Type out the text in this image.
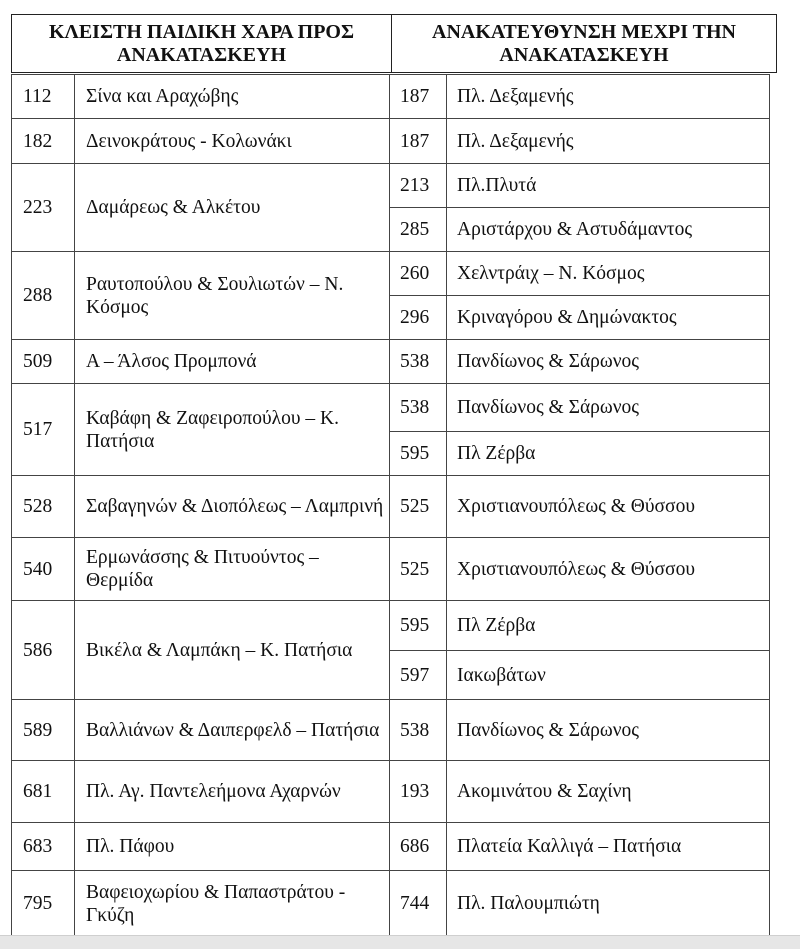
ΚΛΕΙΣΤΗ ΠΑΙΔΙΚΗ ΧΑΡΑ ΠΡΟΣ ΑΝΑΚΑΤΑΣΚΕΥΗ	ΑΝΑΚΑΤΕΥΘΥΝΣΗ ΜΕΧΡΙ ΤΗΝ ΑΝΑΚΑΤΑΣΚΕΥΗ
112	Σίνα και Αραχώβης	187	Πλ. Δεξαμενής
182	Δεινοκράτους - Κολωνάκι	187	Πλ. Δεξαμενής
223	Δαμάρεως & Αλκέτου	213	Πλ.Πλυτά
		285	Αριστάρχου & Αστυδάμαντος
288	Ραυτοπούλου & Σουλιωτών – Ν. Κόσμος	260	Χελντράιχ – Ν. Κόσμος
		296	Κριναγόρου & Δημώνακτος
509	Α – Άλσος Προμπονά	538	Πανδίωνος & Σάρωνος
517	Καβάφη & Ζαφειροπούλου – Κ. Πατήσια	538	Πανδίωνος & Σάρωνος
		595	Πλ Ζέρβα
528	Σαβαγηνών & Διοπόλεως – Λαμπρινή	525	Χριστιανουπόλεως & Θύσσου
540	Ερμωνάσσης & Πιτυούντος – Θερμίδα	525	Χριστιανουπόλεως & Θύσσου
586	Βικέλα & Λαμπάκη – Κ. Πατήσια	595	Πλ Ζέρβα
		597	Ιακωβάτων
589	Βαλλιάνων & Δαιπερφελδ – Πατήσια	538	Πανδίωνος & Σάρωνος
681	Πλ. Αγ. Παντελεήμονα Αχαρνών	193	Ακομινάτου & Σαχίνη
683	Πλ. Πάφου	686	Πλατεία Καλλιγά – Πατήσια
795	Βαφειοχωρίου & Παπαστράτου - Γκύζη	744	Πλ. Παλουμπιώτη
